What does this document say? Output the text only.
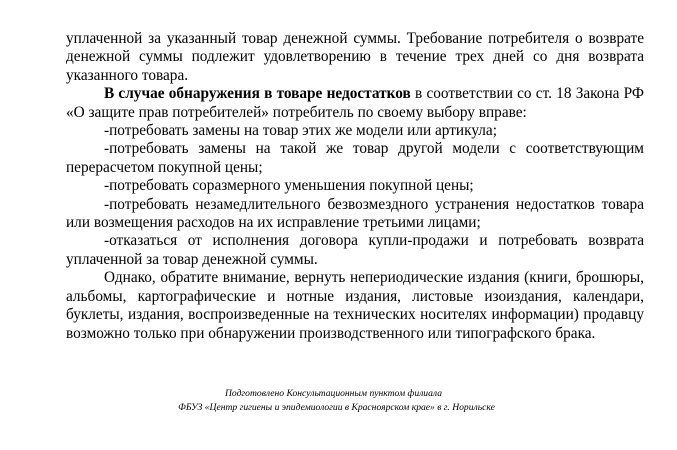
уплаченной за указанный товар денежной суммы. Требование потребителя о возврате денежной суммы подлежит удовлетворению в течение трех дней со дня возврата указанного товара.

В случае обнаружения в товаре недостатков в соответствии со ст. 18 Закона РФ «О защите прав потребителей» потребитель по своему выбору вправе:

-потребовать замены на товар этих же модели или артикула;

-потребовать замены на такой же товар другой модели с соответствующим перерасчетом покупной цены;

-потребовать соразмерного уменьшения покупной цены;

-потребовать незамедлительного безвозмездного устранения недостатков товара или возмещения расходов на их исправление третьими лицами;

-отказаться от исполнения договора купли-продажи и потребовать возврата уплаченной за товар денежной суммы.

Однако, обратите внимание, вернуть непериодические издания (книги, брошюры, альбомы, картографические и нотные издания, листовые изоиздания, календари, буклеты, издания, воспроизведенные на технических носителях информации) продавцу возможно только при обнаружении производственного или типографского брака.

Подготовлено Консультационным пунктом филиала
ФБУЗ «Центр гигиены и эпидемиологии в Красноярском крае» в г. Норильске
